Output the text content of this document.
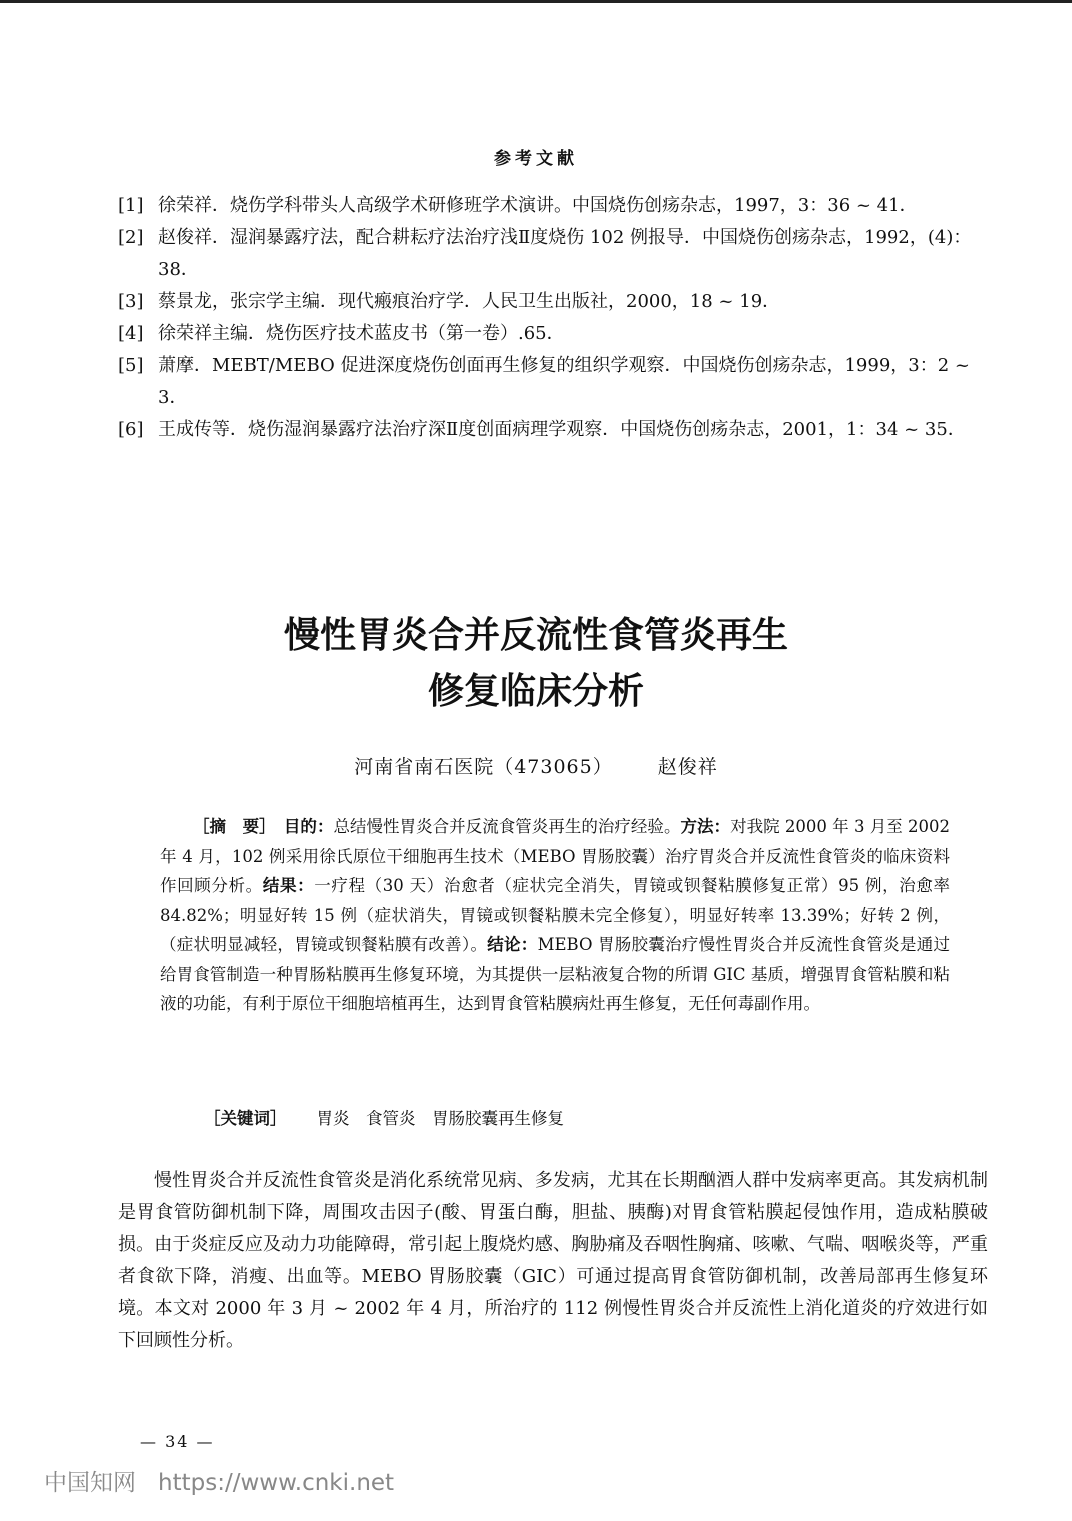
参考文献
[1] 徐荣祥．烧伤学科带头人高级学术研修班学术演讲。中国烧伤创疡杂志，1997，3：36 ~ 41．
[2] 赵俊祥．湿润暴露疗法，配合耕耘疗法治疗浅Ⅱ度烧伤 102 例报导．中国烧伤创疡杂志，1992，(4)：38．
[3] 蔡景龙，张宗学主编．现代瘢痕治疗学．人民卫生出版社，2000，18 ~ 19．
[4] 徐荣祥主编．烧伤医疗技术蓝皮书（第一卷）.65．
[5] 萧摩．MEBT/MEBO 促进深度烧伤创面再生修复的组织学观察．中国烧伤创疡杂志，1999，3：2 ~ 3．
[6] 王成传等．烧伤湿润暴露疗法治疗深Ⅱ度创面病理学观察．中国烧伤创疡杂志，2001，1：34 ~ 35．
慢性胃炎合并反流性食管炎再生
修复临床分析
河南省南石医院（473065） 赵俊祥
［摘　要］　 目的：总结慢性胃炎合并反流食管炎再生的治疗经验。方法：对我院 2000 年 3 月至 2002 年 4 月，102 例采用徐氏原位干细胞再生技术（MEBO 胃肠胶囊）治疗胃炎合并反流性食管炎的临床资料作回顾分析。结果：一疗程（30 天）治愈者（症状完全消失，胃镜或钡餐粘膜修复正常）95 例，治愈率 84.82%；明显好转 15 例（症状消失，胃镜或钡餐粘膜未完全修复），明显好转率 13.39%；好转 2 例，（症状明显减轻，胃镜或钡餐粘膜有改善）。结论：MEBO 胃肠胶囊治疗慢性胃炎合并反流性食管炎是通过给胃食管制造一种胃肠粘膜再生修复环境，为其提供一层粘液复合物的所谓 GIC 基质，增强胃食管粘膜和粘液的功能，有利于原位干细胞培植再生，达到胃食管粘膜病灶再生修复，无任何毒副作用。
［关键词］ 胃炎　食管炎　胃肠胶囊再生修复
慢性胃炎合并反流性食管炎是消化系统常见病、多发病，尤其在长期酗酒人群中发病率更高。其发病机制是胃食管防御机制下降，周围攻击因子(酸、胃蛋白酶，胆盐、胰酶)对胃食管粘膜起侵蚀作用，造成粘膜破损。由于炎症反应及动力功能障碍，常引起上腹烧灼感、胸胁痛及吞咽性胸痛、咳嗽、气喘、咽喉炎等，严重者食欲下降，消瘦、出血等。MEBO 胃肠胶囊（GIC）可通过提高胃食管防御机制，改善局部再生修复环境。本文对 2000 年 3 月 ~ 2002 年 4 月，所治疗的 112 例慢性胃炎合并反流性上消化道炎的疗效进行如下回顾性分析。
— 34 —
中国知网 https://www.cnki.net
